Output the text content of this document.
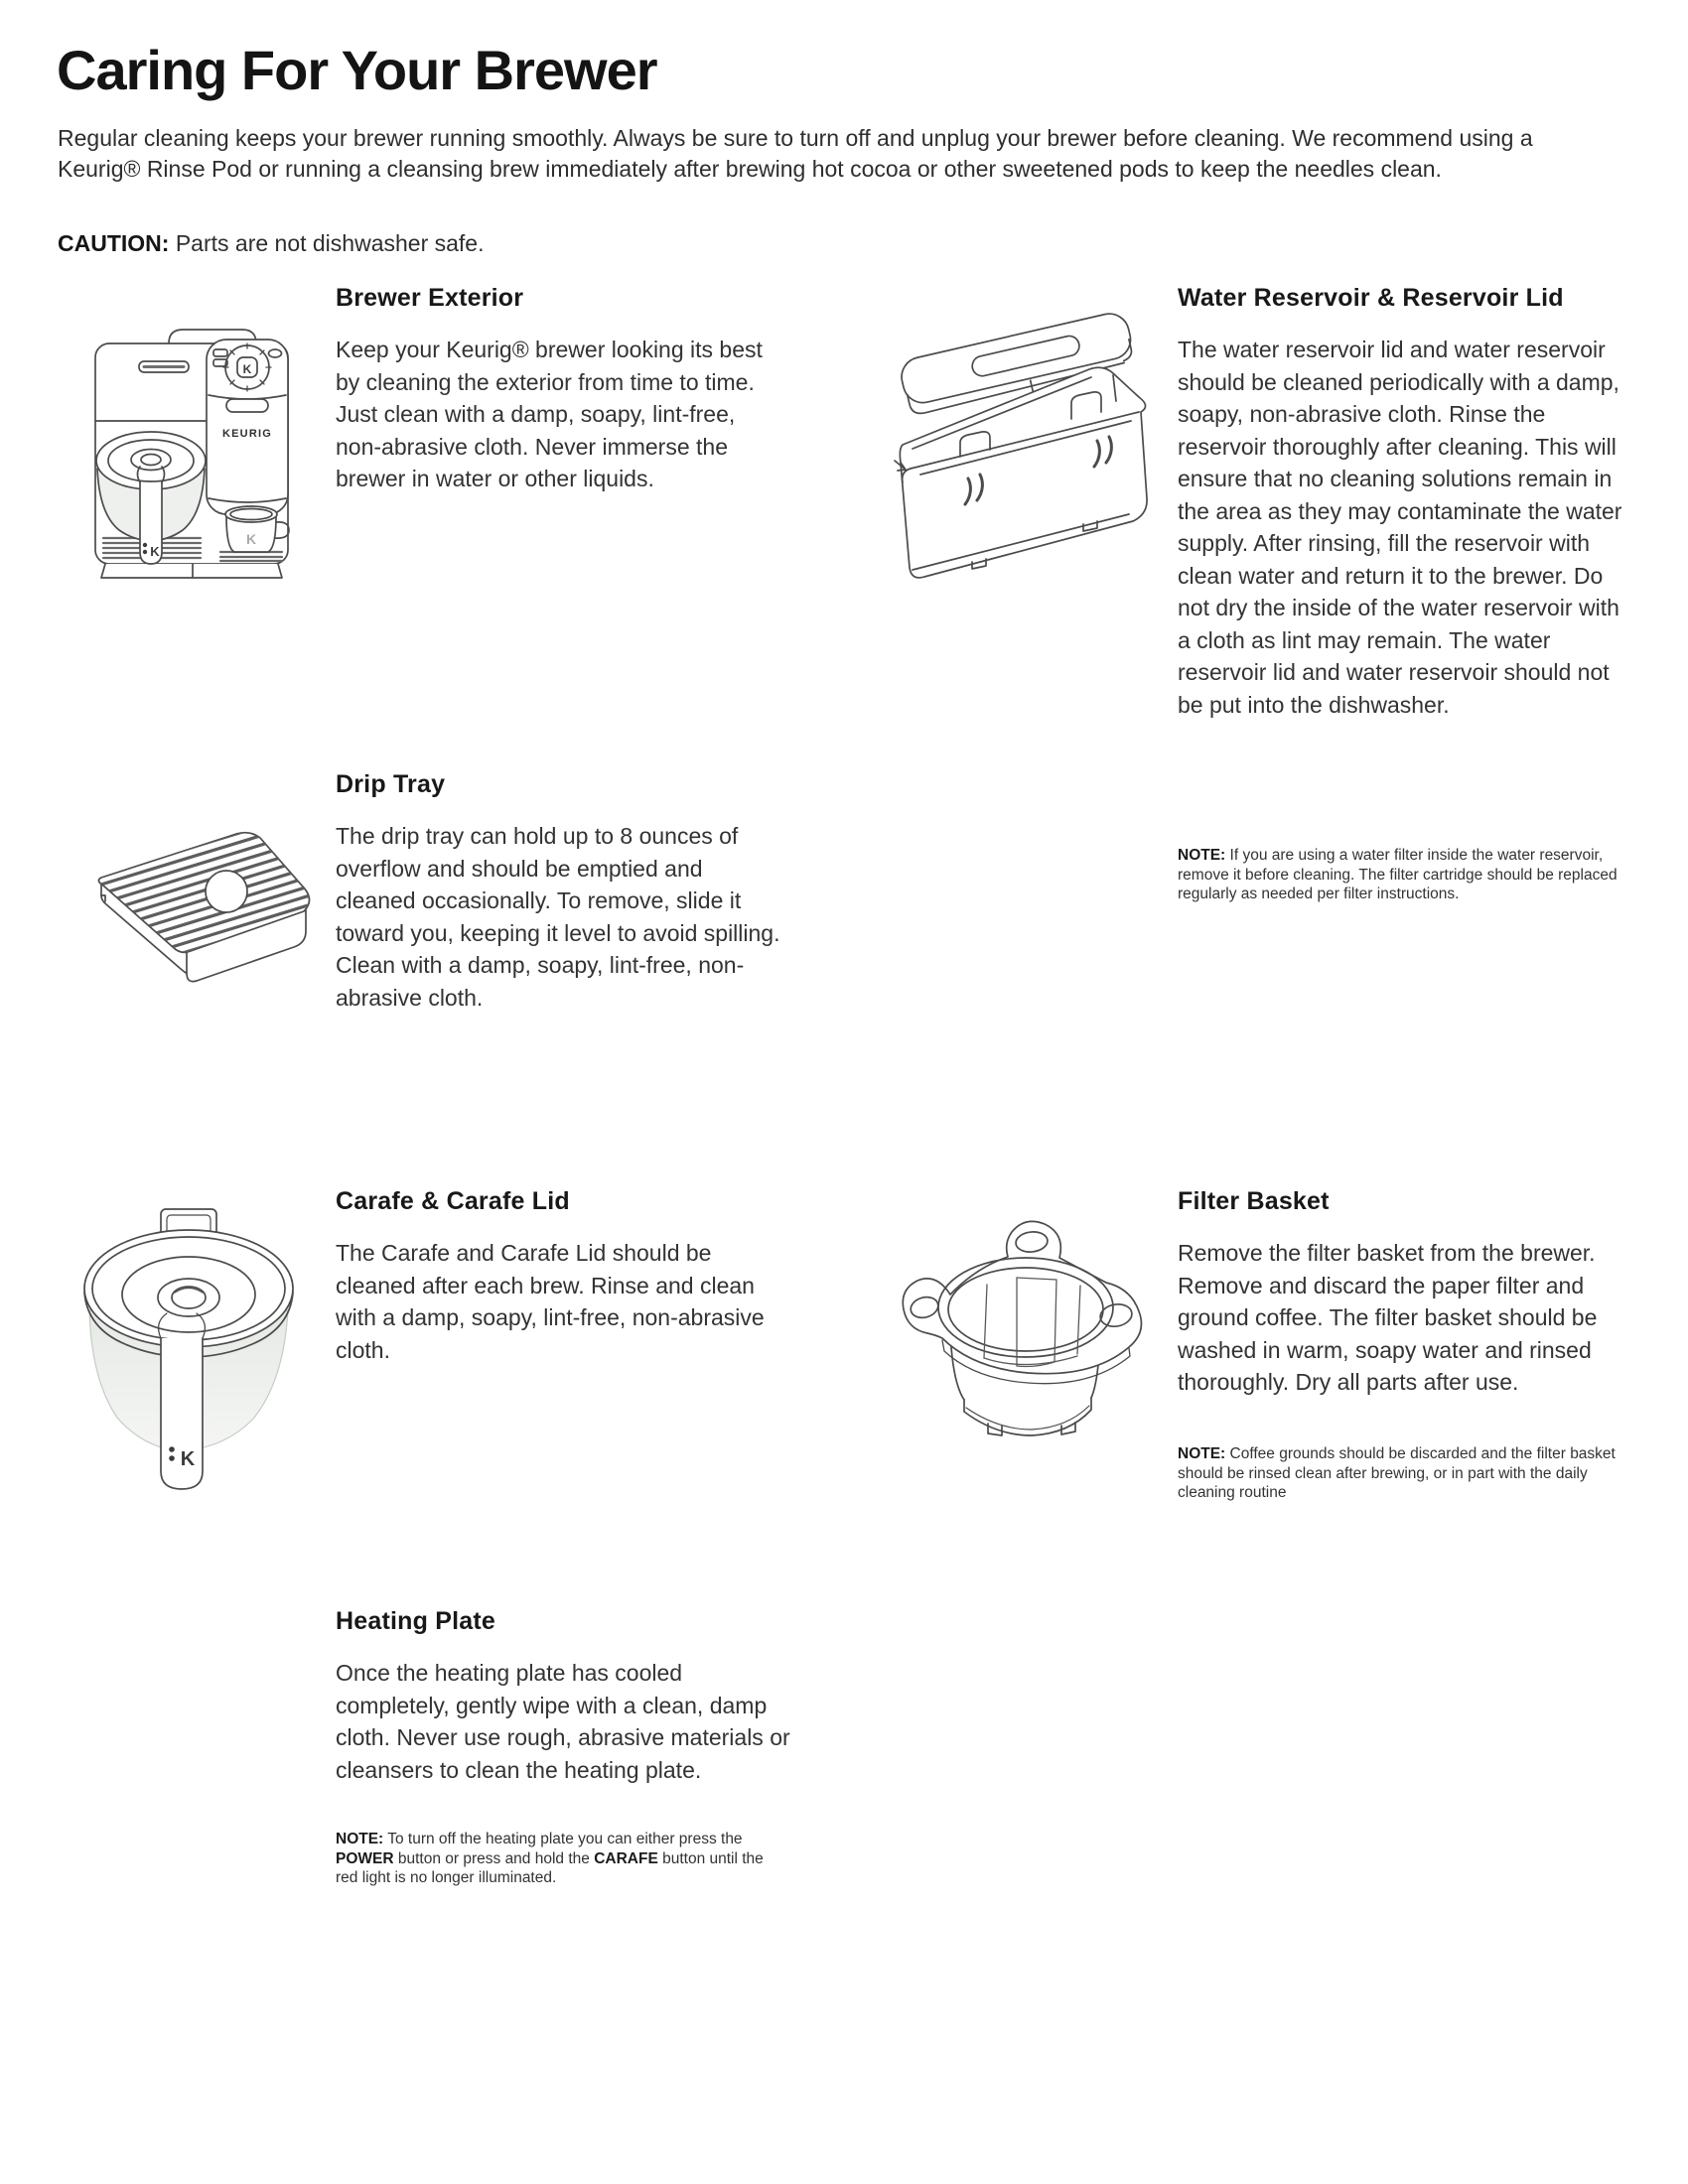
Caring For Your Brewer
Regular cleaning keeps your brewer running smoothly. Always be sure to turn off and unplug your brewer before cleaning. We recommend using a Keurig® Rinse Pod or running a cleansing brew immediately after brewing hot cocoa or other sweetened pods to keep the needles clean.
CAUTION: Parts are not dishwasher safe.
K
KEURIG
K
K
K
Brewer Exterior
Keep your Keurig® brewer looking its best by cleaning the exterior from time to time. Just clean with a damp, soapy, lint-free, non-abrasive cloth. Never immerse the brewer in water or other liquids.
Water Reservoir & Reservoir Lid
The water reservoir lid and water reservoir should be cleaned periodically with a damp, soapy, non-abrasive cloth. Rinse the reservoir thoroughly after cleaning. This will ensure that no cleaning solutions remain in the area as they may contaminate the water supply. After rinsing, fill the reservoir with clean water and return it to the brewer. Do not dry the inside of the water reservoir with a cloth as lint may remain. The water reservoir lid and water reservoir should not be put into the dishwasher.
NOTE: If you are using a water filter inside the water reservoir, remove it before cleaning. The filter cartridge should be replaced regularly as needed per filter instructions.
Drip Tray
The drip tray can hold up to 8 ounces of overflow and should be emptied and cleaned occasionally. To remove, slide it toward you, keeping it level to avoid spilling. Clean with a damp, soapy, lint-free, non-abrasive cloth.
Carafe & Carafe Lid
The Carafe and Carafe Lid should be cleaned after each brew. Rinse and clean with a damp, soapy, lint-free, non-abrasive cloth.
Filter Basket
Remove the filter basket from the brewer. Remove and discard the paper filter and ground coffee. The filter basket should be washed in warm, soapy water and rinsed thoroughly. Dry all parts after use.
NOTE: Coffee grounds should be discarded and the filter basket should be rinsed clean after brewing, or in part with the daily cleaning routine
Heating Plate
Once the heating plate has cooled completely, gently wipe with a clean, damp cloth. Never use rough, abrasive materials or cleansers to clean the heating plate.
NOTE: To turn off the heating plate you can either press the POWER button or press and hold the CARAFE button until the red light is no longer illuminated.
